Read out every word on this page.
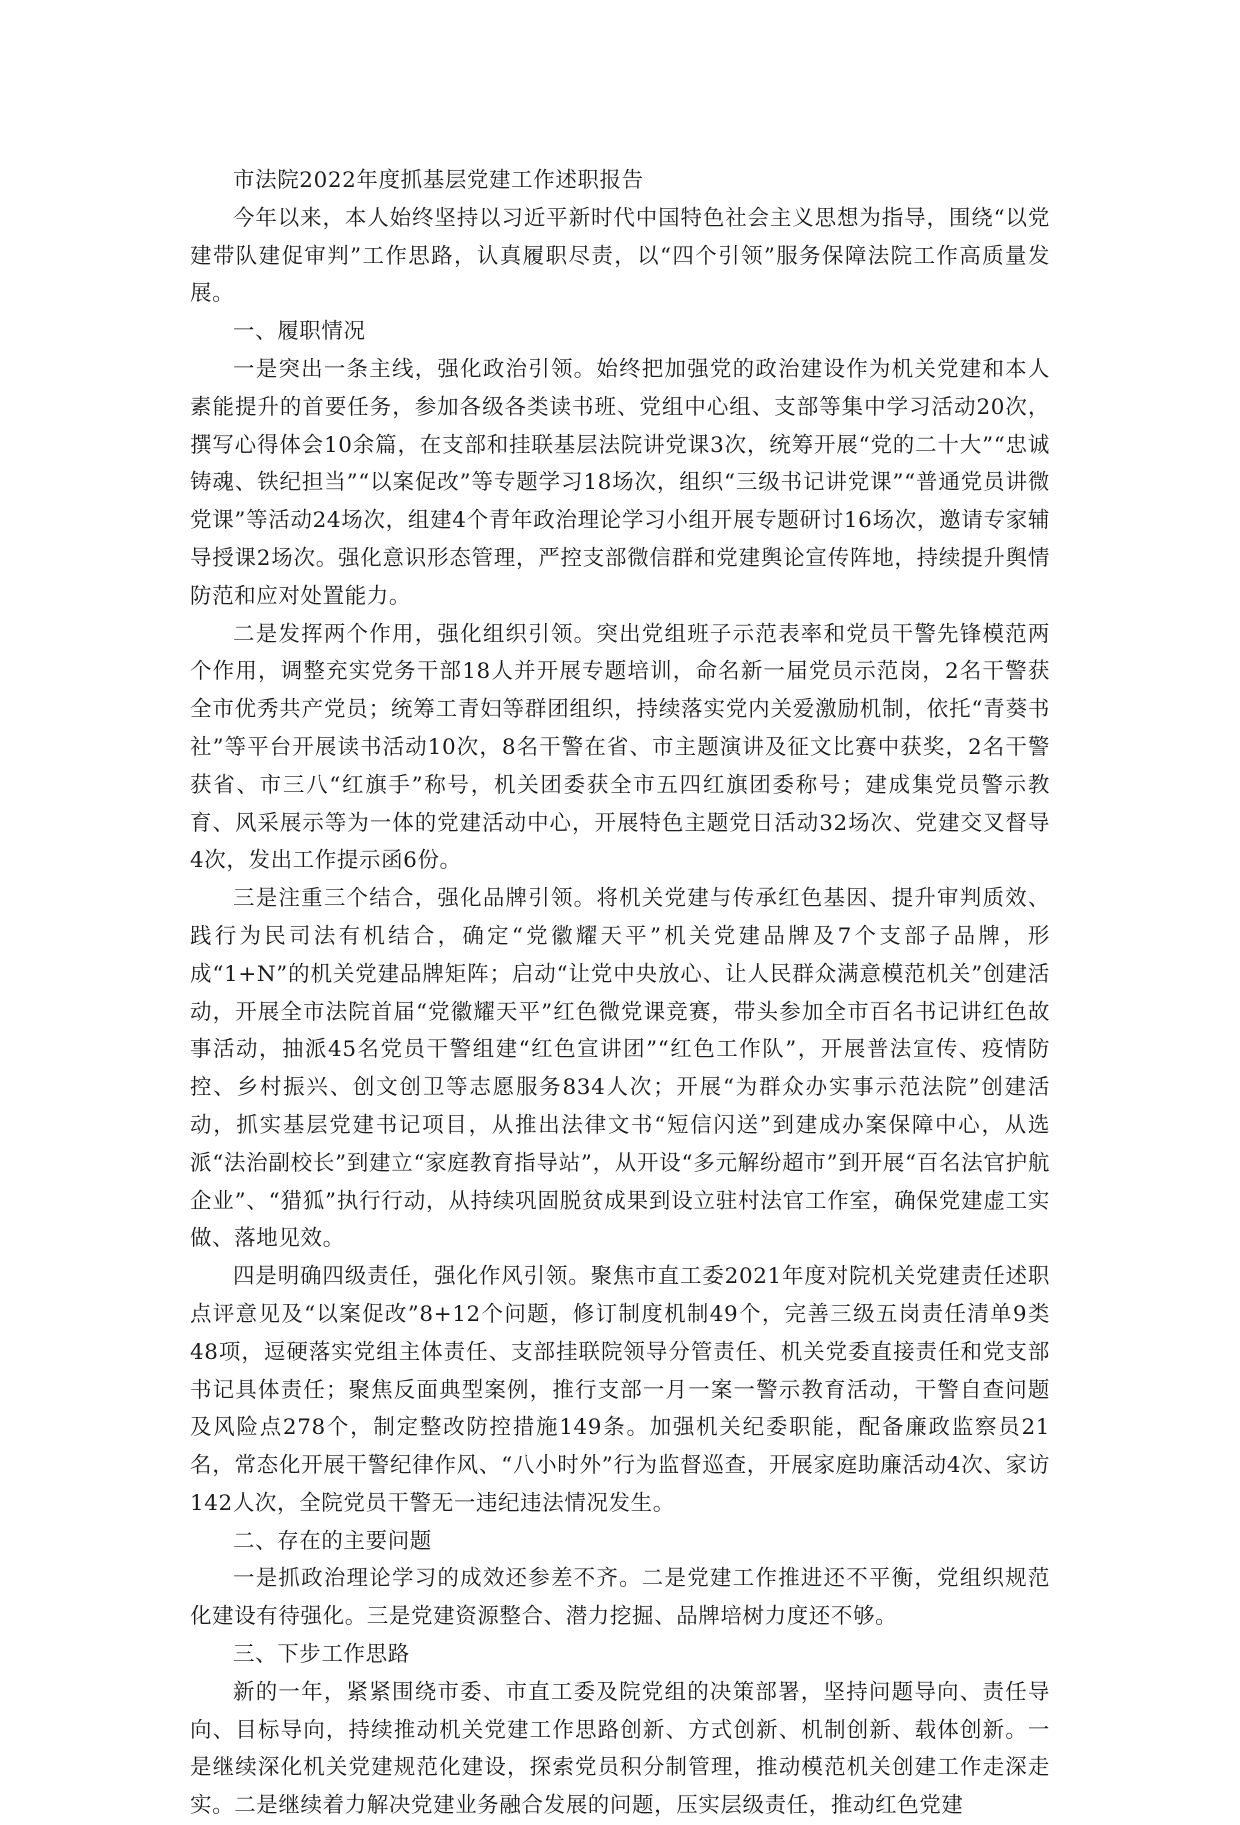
市法院2022年度抓基层党建工作述职报告

今年以来，本人始终坚持以习近平新时代中国特色社会主义思想为指导，围绕“以党建带队建促审判”工作思路，认真履职尽责，以“四个引领”服务保障法院工作高质量发展。

一、履职情况

一是突出一条主线，强化政治引领。始终把加强党的政治建设作为机关党建和本人素能提升的首要任务，参加各级各类读书班、党组中心组、支部等集中学习活动20次，撰写心得体会10余篇，在支部和挂联基层法院讲党课3次，统筹开展“党的二十大”“忠诚铸魂、铁纪担当”“以案促改”等专题学习18场次，组织“三级书记讲党课”“普通党员讲微党课”等活动24场次，组建4个青年政治理论学习小组开展专题研讨16场次，邀请专家辅导授课2场次。强化意识形态管理，严控支部微信群和党建舆论宣传阵地，持续提升舆情防范和应对处置能力。

二是发挥两个作用，强化组织引领。突出党组班子示范表率和党员干警先锋模范两个作用，调整充实党务干部18人并开展专题培训，命名新一届党员示范岗，2名干警获全市优秀共产党员；统筹工青妇等群团组织，持续落实党内关爱激励机制，依托“青葵书社”等平台开展读书活动10次，8名干警在省、市主题演讲及征文比赛中获奖，2名干警获省、市三八“红旗手”称号，机关团委获全市五四红旗团委称号；建成集党员警示教育、风采展示等为一体的党建活动中心，开展特色主题党日活动32场次、党建交叉督导4次，发出工作提示函6份。

三是注重三个结合，强化品牌引领。将机关党建与传承红色基因、提升审判质效、践行为民司法有机结合，确定“党徽耀天平”机关党建品牌及7个支部子品牌，形成“1+N”的机关党建品牌矩阵；启动“让党中央放心、让人民群众满意模范机关”创建活动，开展全市法院首届“党徽耀天平”红色微党课竞赛，带头参加全市百名书记讲红色故事活动，抽派45名党员干警组建“红色宣讲团”“红色工作队”，开展普法宣传、疫情防控、乡村振兴、创文创卫等志愿服务834人次；开展“为群众办实事示范法院”创建活动，抓实基层党建书记项目，从推出法律文书“短信闪送”到建成办案保障中心，从选派“法治副校长”到建立“家庭教育指导站”，从开设“多元解纷超市”到开展“百名法官护航企业”、“猎狐”执行行动，从持续巩固脱贫成果到设立驻村法官工作室，确保党建虚工实做、落地见效。

四是明确四级责任，强化作风引领。聚焦市直工委2021年度对院机关党建责任述职点评意见及“以案促改”8+12个问题，修订制度机制49个，完善三级五岗责任清单9类48项，逗硬落实党组主体责任、支部挂联院领导分管责任、机关党委直接责任和党支部书记具体责任；聚焦反面典型案例，推行支部一月一案一警示教育活动，干警自查问题及风险点278个，制定整改防控措施149条。加强机关纪委职能，配备廉政监察员21名，常态化开展干警纪律作风、“八小时外”行为监督巡查，开展家庭助廉活动4次、家访142人次，全院党员干警无一违纪违法情况发生。

二、存在的主要问题

一是抓政治理论学习的成效还参差不齐。二是党建工作推进还不平衡，党组织规范化建设有待强化。三是党建资源整合、潜力挖掘、品牌培树力度还不够。

三、下步工作思路

新的一年，紧紧围绕市委、市直工委及院党组的决策部署，坚持问题导向、责任导向、目标导向，持续推动机关党建工作思路创新、方式创新、机制创新、载体创新。一是继续深化机关党建规范化建设，探索党员积分制管理，推动模范机关创建工作走深走实。二是继续着力解决党建业务融合发展的问题，压实层级责任，推动红色党建
